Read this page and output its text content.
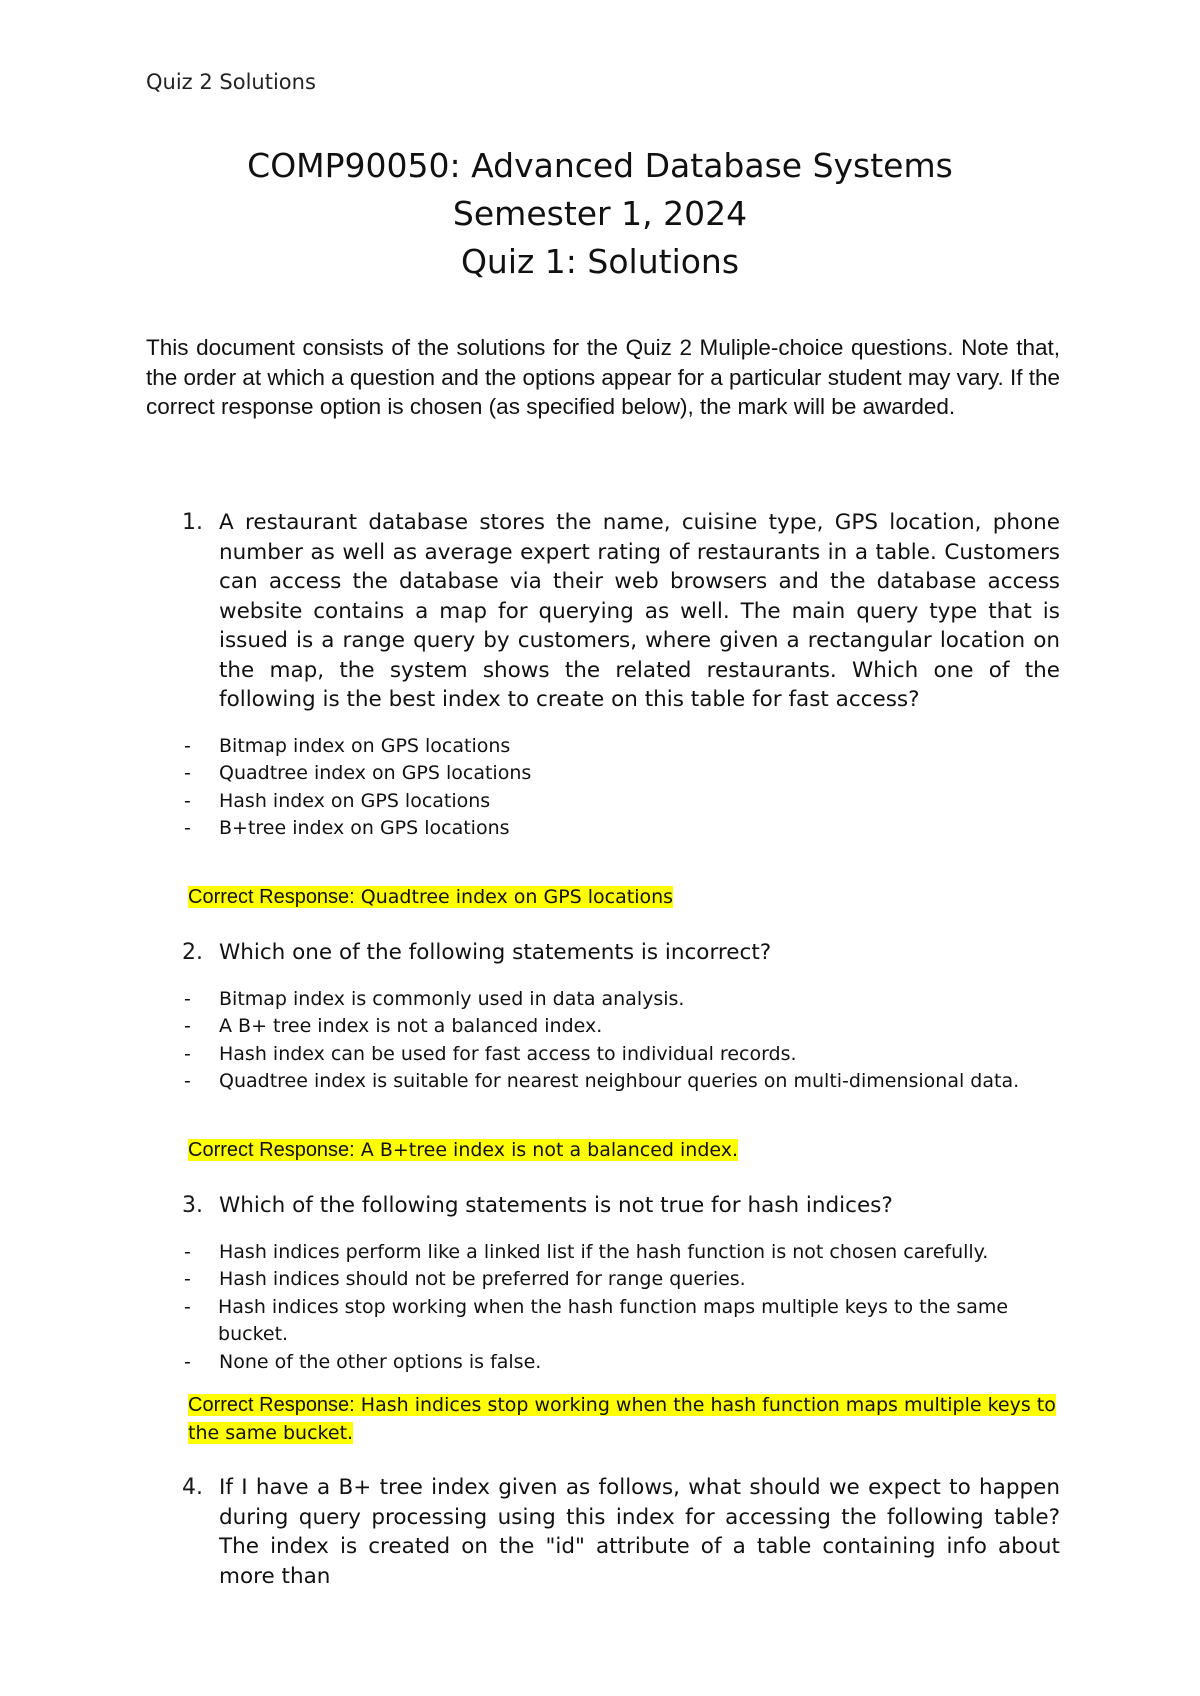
Quiz 2 Solutions
COMP90050: Advanced Database Systems
Semester 1, 2024
Quiz 1: Solutions
This document consists of the solutions for the Quiz 2 Muliple-choice questions. Note that, the order at which a question and the options appear for a particular student may vary. If the correct response option is chosen (as specified below), the mark will be awarded.
1. A restaurant database stores the name, cuisine type, GPS location, phone number as well as average expert rating of restaurants in a table. Customers can access the database via their web browsers and the database access website contains a map for querying as well. The main query type that is issued is a range query by customers, where given a rectangular location on the map, the system shows the related restaurants. Which one of the following is the best index to create on this table for fast access?
-	Bitmap index on GPS locations
-	Quadtree index on GPS locations
-	Hash index on GPS locations
-	B+tree index on GPS locations
Correct Response: Quadtree index on GPS locations
2. Which one of the following statements is incorrect?
-	Bitmap index is commonly used in data analysis.
-	A B+ tree index is not a balanced index.
-	Hash index can be used for fast access to individual records.
-	Quadtree index is suitable for nearest neighbour queries on multi-dimensional data.
Correct Response: A B+tree index is not a balanced index.
3. Which of the following statements is not true for hash indices?
-	Hash indices perform like a linked list if the hash function is not chosen carefully.
-	Hash indices should not be preferred for range queries.
-	Hash indices stop working when the hash function maps multiple keys to the same bucket.
-	None of the other options is false.
Correct Response: Hash indices stop working when the hash function maps multiple keys to the same bucket.
4. If I have a B+ tree index given as follows, what should we expect to happen during query processing using this index for accessing the following table? The index is created on the "id" attribute of a table containing info about more than
